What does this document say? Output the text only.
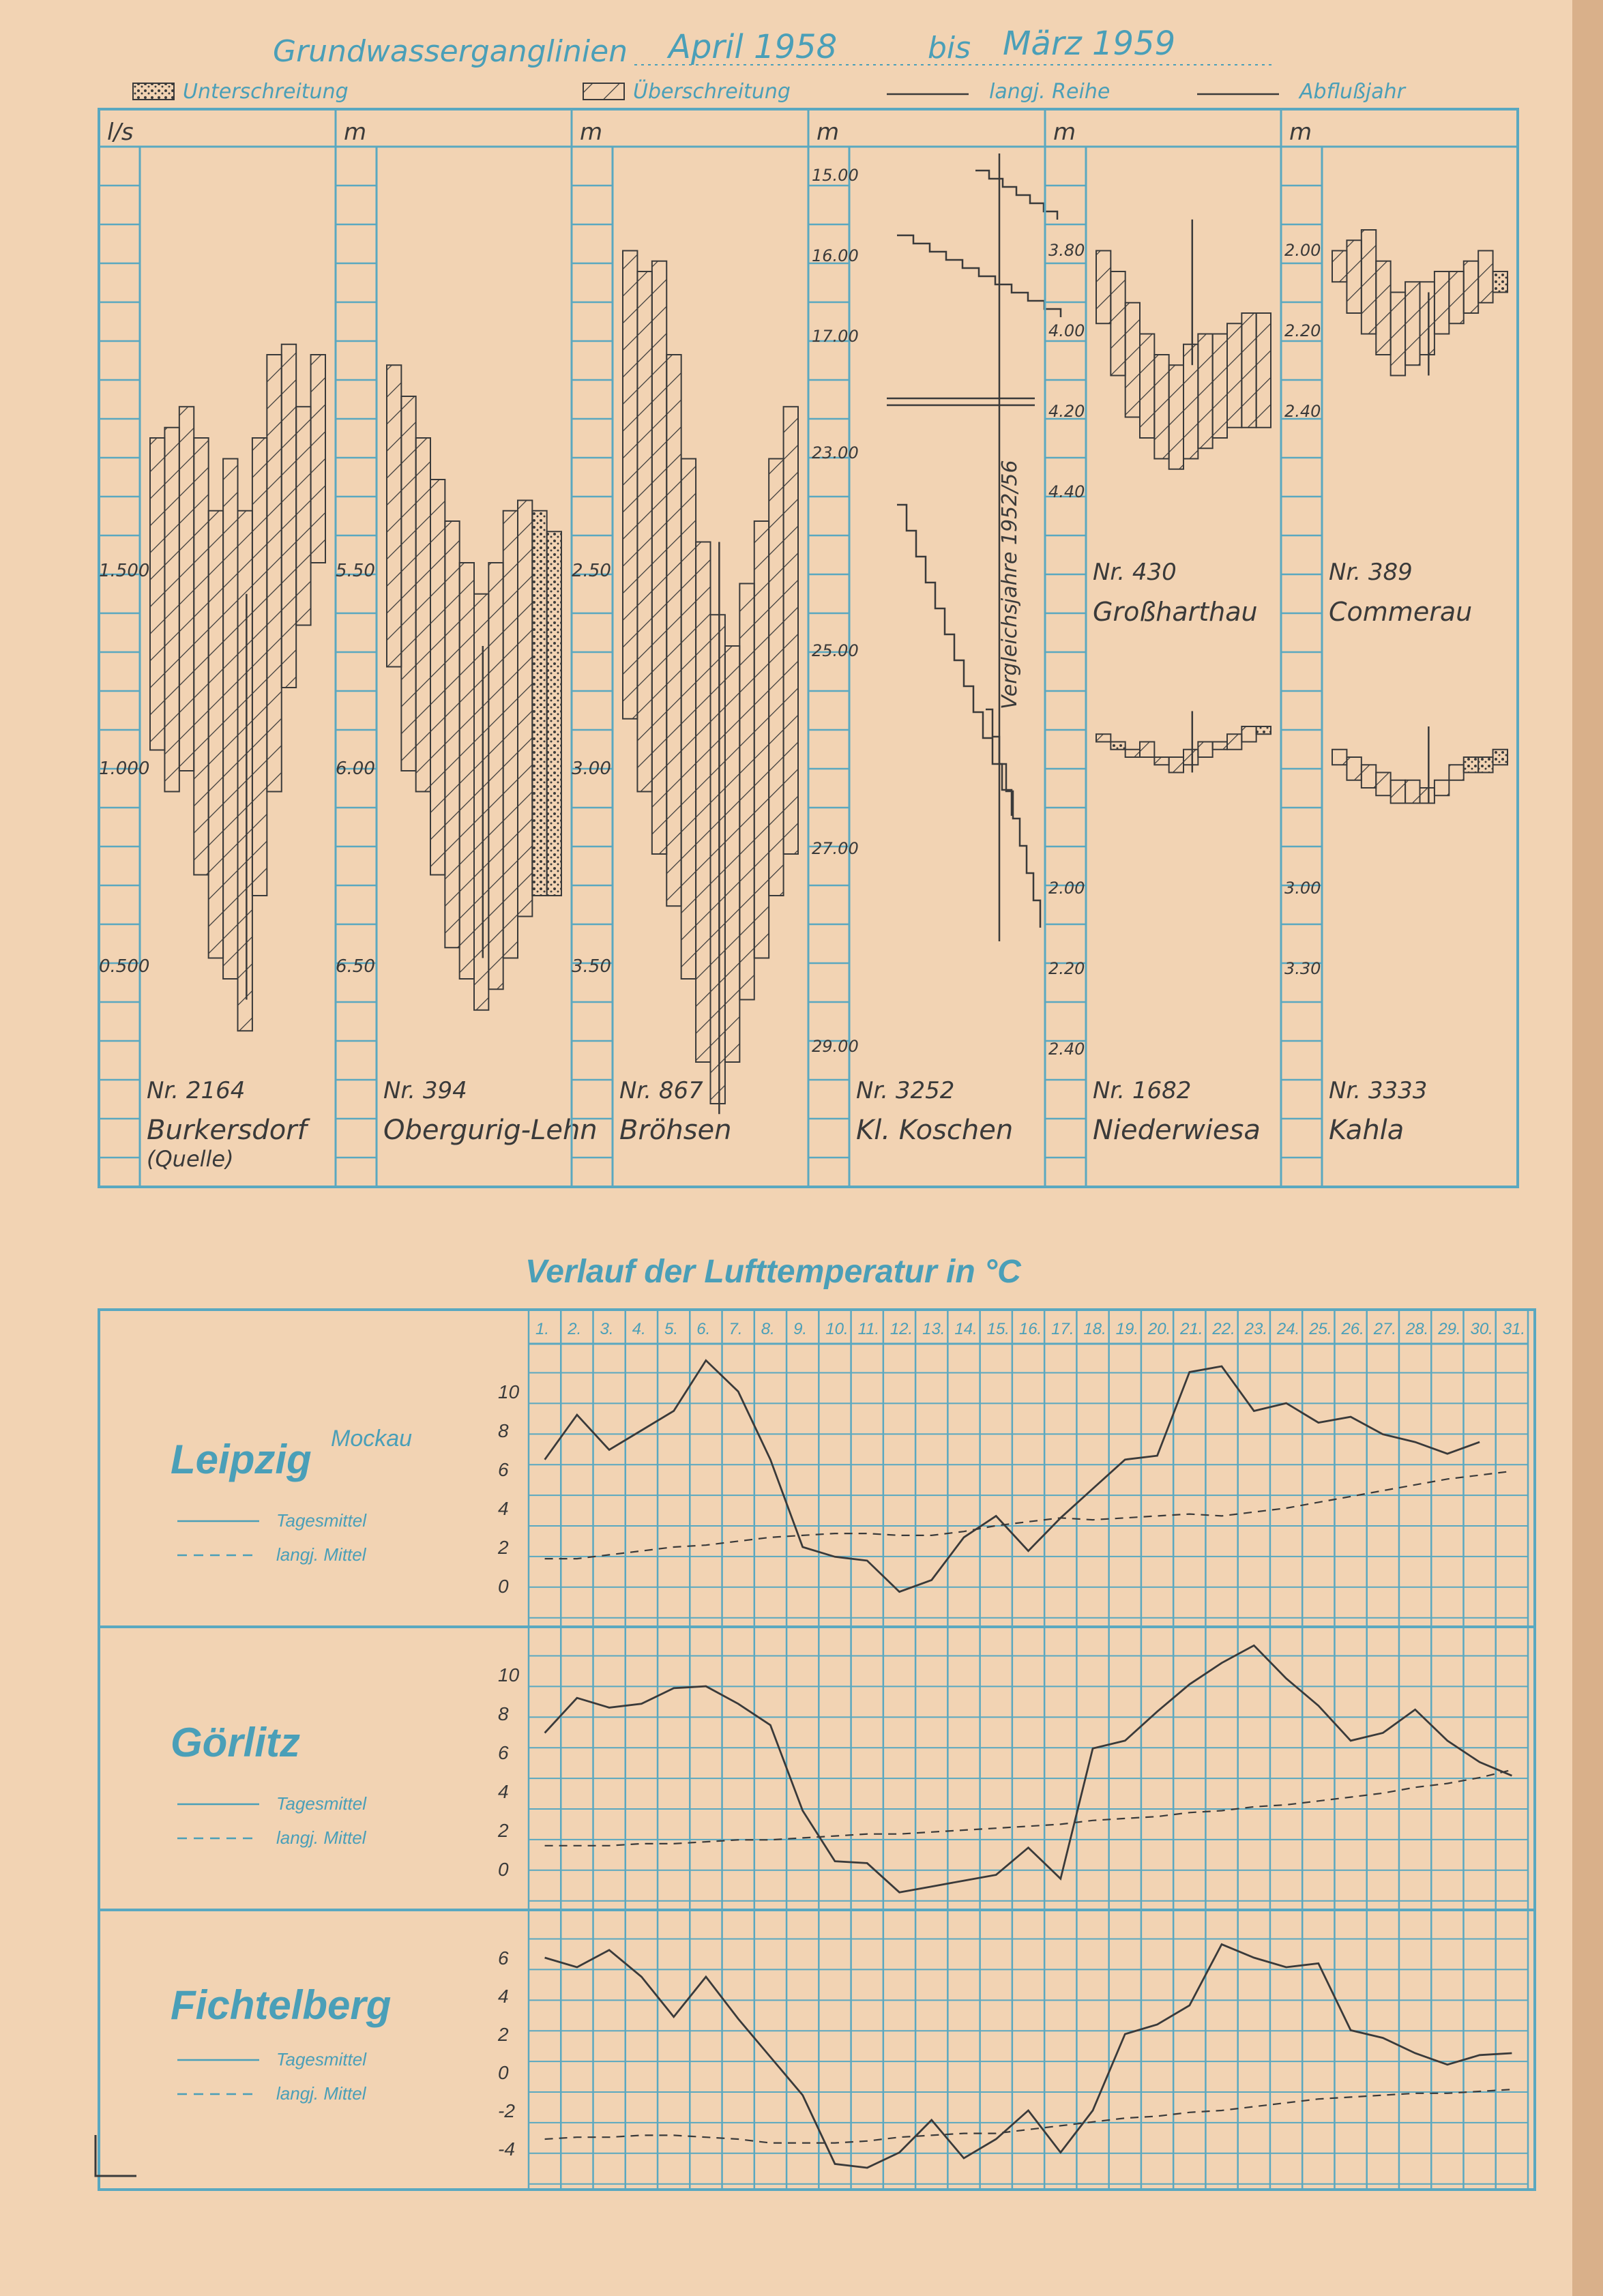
Grundwasserganglinien April 1958	bis März 1959
Unterschreitung	Überschreitung	langj. Reihe	Abflußjahr
l/s
1.500
1.000
0.500
Nr. 2164
Burkersdorf
(Quelle)
m
5.50
6.00
6.50
Nr. 394
Obergurig-Lehn
m
2.50
3.00
3.50
Nr. 867
Bröhsen
m
15.00
16.00
17.00
23.00
25.00
27.00
29.00
Vergleichsjahre 1952/56
Nr. 3252
Kl. Koschen
m
3.80
4.00
4.20
4.40
2.00
2.20
2.40
Nr. 430
Großharthau
Nr. 1682
Niederwiesa
m
2.00
2.20
2.40
3.00
3.30
Nr. 389
Commerau
Nr. 3333
Kahla
Verlauf der Lufttemperatur in °C
1. 2. 3. 4. 5. 6. 7. 8. 9. 10. 11. 12. 13. 14. 15. 16. 17. 18. 19. 20. 21. 22. 23. 24. 25. 26. 27. 28. 29. 30. 31.
10
8
6
4
2
0
Leipzig Mockau
Tagesmittel
langj. Mittel
10
8
6
4
2
0
Görlitz
Tagesmittel
langj. Mittel
6
4
2
0
-2
-4
Fichtelberg
Tagesmittel
langj. Mittel
